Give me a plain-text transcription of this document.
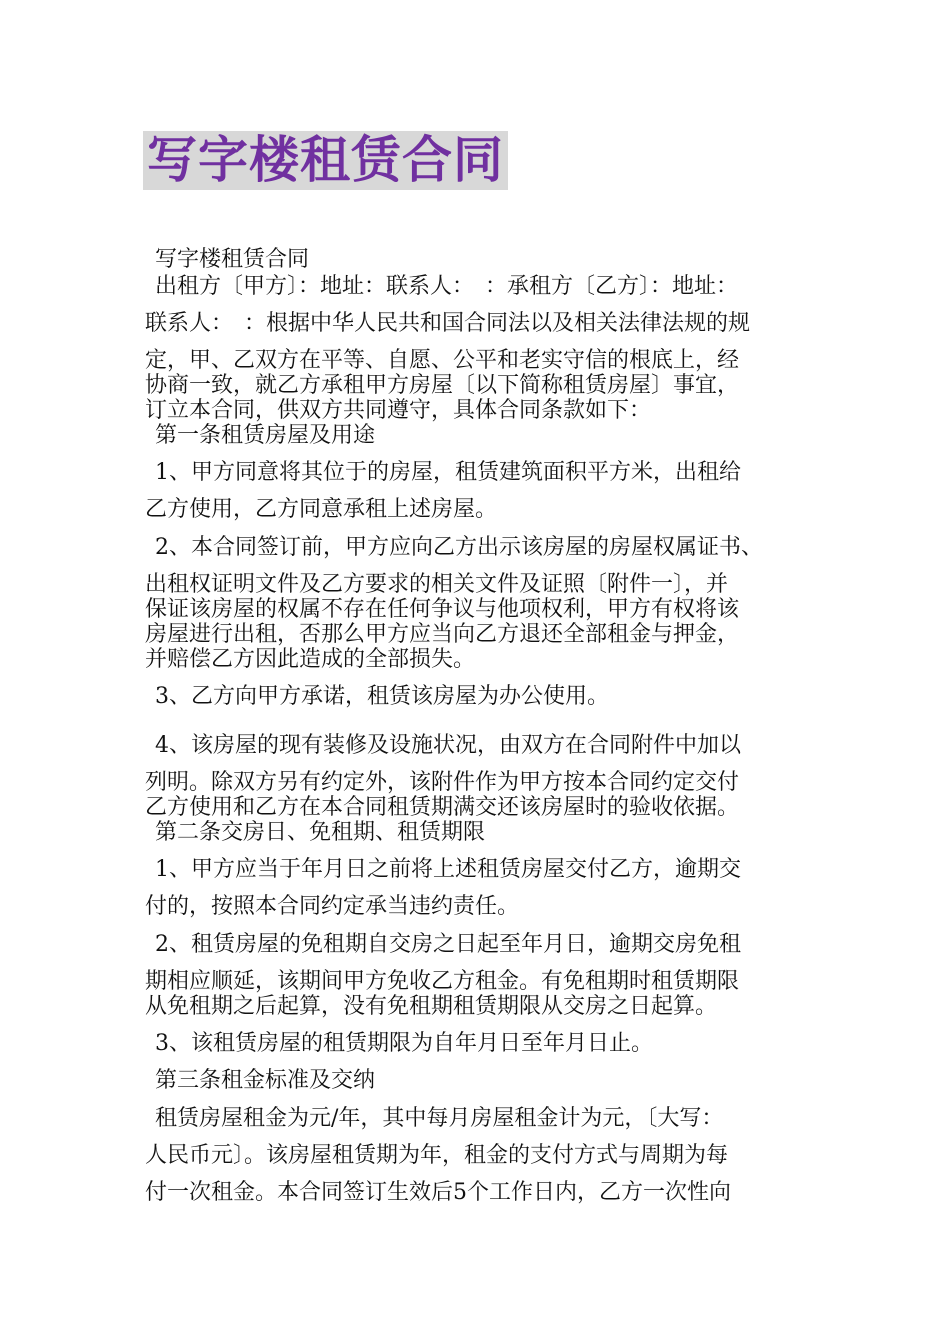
写字楼租赁合同
写字楼租赁合同
出租方〔甲方〕：地址：联系人：　：承租方〔乙方〕：地址：
联系人：　：根据中华人民共和国合同法以及相关法律法规的规
定，甲、乙双方在平等、自愿、公平和老实守信的根底上，经
协商一致，就乙方承租甲方房屋〔以下简称租赁房屋〕事宜，
订立本合同，供双方共同遵守，具体合同条款如下：
第一条租赁房屋及用途
1、甲方同意将其位于的房屋，租赁建筑面积平方米，出租给
乙方使用，乙方同意承租上述房屋。
2、本合同签订前，甲方应向乙方出示该房屋的房屋权属证书、
出租权证明文件及乙方要求的相关文件及证照〔附件一〕，并
保证该房屋的权属不存在任何争议与他项权利，甲方有权将该
房屋进行出租，否那么甲方应当向乙方退还全部租金与押金，
并赔偿乙方因此造成的全部损失。
3、乙方向甲方承诺，租赁该房屋为办公使用。
4、该房屋的现有装修及设施状况，由双方在合同附件中加以
列明。除双方另有约定外，该附件作为甲方按本合同约定交付
乙方使用和乙方在本合同租赁期满交还该房屋时的验收依据。
第二条交房日、免租期、租赁期限
1、甲方应当于年月日之前将上述租赁房屋交付乙方，逾期交
付的，按照本合同约定承当违约责任。
2、租赁房屋的免租期自交房之日起至年月日，逾期交房免租
期相应顺延，该期间甲方免收乙方租金。有免租期时租赁期限
从免租期之后起算，没有免租期租赁期限从交房之日起算。
3、该租赁房屋的租赁期限为自年月日至年月日止。
第三条租金标准及交纳
租赁房屋租金为元/年，其中每月房屋租金计为元，〔大写：
人民币元〕。该房屋租赁期为年，租金的支付方式与周期为每
付一次租金。本合同签订生效后5个工作日内，乙方一次性向
